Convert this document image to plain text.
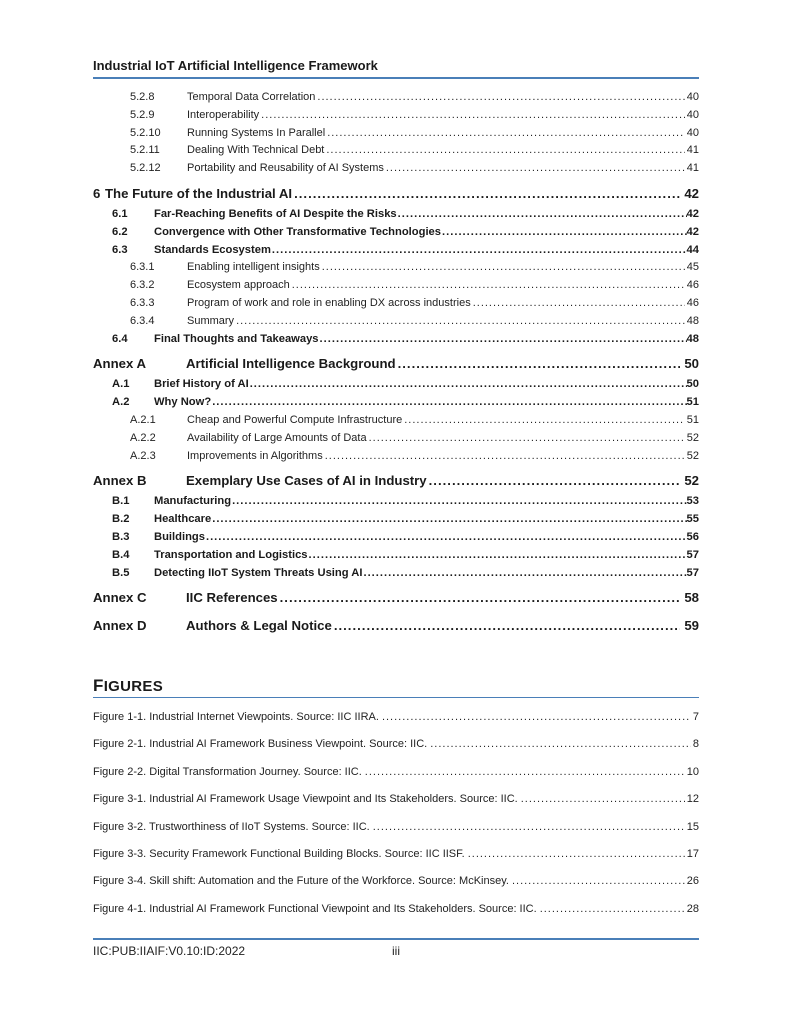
Industrial IoT Artificial Intelligence Framework
5.2.8	Temporal Data Correlation .....	40
5.2.9	Interoperability .....	40
5.2.10	Running Systems In Parallel .....	40
5.2.11	Dealing With Technical Debt .....	41
5.2.12	Portability and Reusability of AI Systems .....	41
6 The Future of the Industrial AI .....	42
6.1	Far-Reaching Benefits of AI Despite the Risks .....	42
6.2	Convergence with Other Transformative Technologies .....	42
6.3	Standards Ecosystem .....	44
6.3.1	Enabling intelligent insights .....	45
6.3.2	Ecosystem approach .....	46
6.3.3	Program of work and role in enabling DX across industries .....	46
6.3.4	Summary .....	48
6.4	Final Thoughts and Takeaways .....	48
Annex A	Artificial Intelligence Background .....	50
A.1	Brief History of AI .....	50
A.2	Why Now? .....	51
A.2.1	Cheap and Powerful Compute Infrastructure .....	51
A.2.2	Availability of Large Amounts of Data .....	52
A.2.3	Improvements in Algorithms .....	52
Annex B	Exemplary Use Cases of AI in Industry .....	52
B.1	Manufacturing .....	53
B.2	Healthcare .....	55
B.3	Buildings .....	56
B.4	Transportation and Logistics .....	57
B.5	Detecting IIoT System Threats Using AI .....	57
Annex C	IIC References .....	58
Annex D	Authors & Legal Notice .....	59
FIGURES
Figure 1-1. Industrial Internet Viewpoints. Source: IIC IIRA. .....	7
Figure 2-1. Industrial AI Framework Business Viewpoint. Source: IIC. .....	8
Figure 2-2. Digital Transformation Journey. Source: IIC. .....	10
Figure 3-1. Industrial AI Framework Usage Viewpoint and Its Stakeholders. Source: IIC. .....	12
Figure 3-2. Trustworthiness of IIoT Systems. Source: IIC. .....	15
Figure 3-3. Security Framework Functional Building Blocks. Source: IIC IISF. .....	17
Figure 3-4. Skill shift: Automation and the Future of the Workforce. Source: McKinsey. .....	26
Figure 4-1. Industrial AI Framework Functional Viewpoint and Its Stakeholders. Source: IIC. .....	28
IIC:PUB:IIAIF:V0.10:ID:2022	iii
